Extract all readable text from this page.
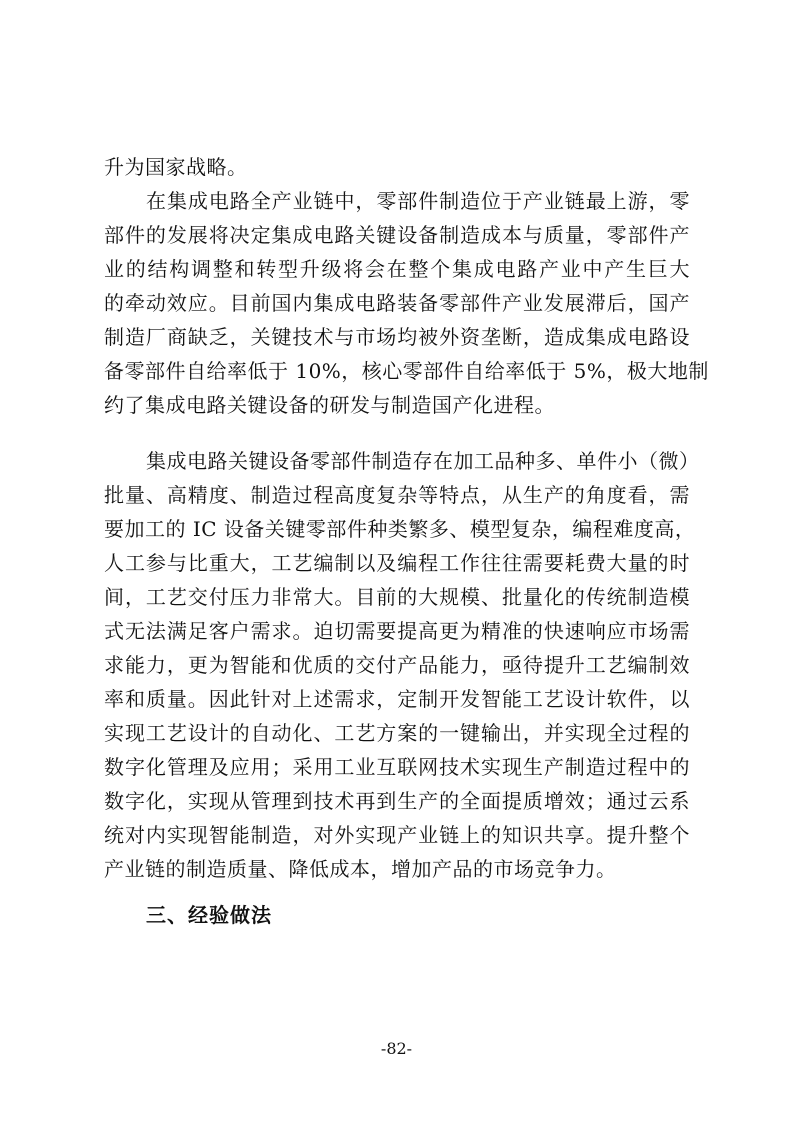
升为国家战略。
在集成电路全产业链中，零部件制造位于产业链最上游，零
部件的发展将决定集成电路关键设备制造成本与质量，零部件产
业的结构调整和转型升级将会在整个集成电路产业中产生巨大
的牵动效应。目前国内集成电路装备零部件产业发展滞后，国产
制造厂商缺乏，关键技术与市场均被外资垄断，造成集成电路设
备零部件自给率低于 10%，核心零部件自给率低于 5%，极大地制
约了集成电路关键设备的研发与制造国产化进程。
集成电路关键设备零部件制造存在加工品种多、单件小（微）
批量、高精度、制造过程高度复杂等特点，从生产的角度看，需
要加工的 IC 设备关键零部件种类繁多、模型复杂，编程难度高，
人工参与比重大，工艺编制以及编程工作往往需要耗费大量的时
间，工艺交付压力非常大。目前的大规模、批量化的传统制造模
式无法满足客户需求。迫切需要提高更为精准的快速响应市场需
求能力，更为智能和优质的交付产品能力，亟待提升工艺编制效
率和质量。因此针对上述需求，定制开发智能工艺设计软件，以
实现工艺设计的自动化、工艺方案的一键输出，并实现全过程的
数字化管理及应用；采用工业互联网技术实现生产制造过程中的
数字化，实现从管理到技术再到生产的全面提质增效；通过云系
统对内实现智能制造，对外实现产业链上的知识共享。提升整个
产业链的制造质量、降低成本，增加产品的市场竞争力。
三、经验做法
-82-
